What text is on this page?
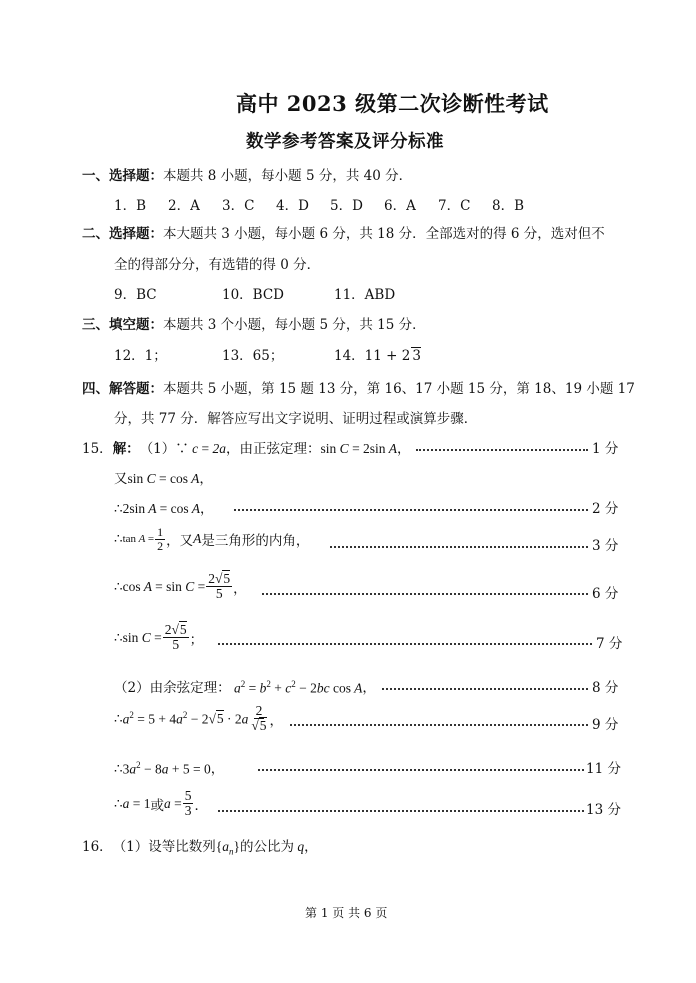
高中 2023 级第二次诊断性考试
数学参考答案及评分标准
一、 选择题： 本题共 8 小题，每小题 5 分，共 40 分．
1．B 2．A 3．C 4．D 5．D 6．A 7．C 8．B
二、 选择题： 本大题共 3 小题，每小题 6 分，共 18 分．全部选对的得 6 分，选对但不
全的得部分分，有选错的得 0 分．
9．BC	10．BCD	11．ABD
三、 填空题： 本题共 3 个小题，每小题 5 分，共 15 分．
12．1；	13．65；	14．11 + 2 3
四、 解答题： 本题共 5 小题，第 15 题 13 分，第 16、17 小题 15 分，第 18、19 小题 17
分，共 77 分．解答应写出文字说明、证明过程或演算步骤．
15． 解： （1）∵ c = 2a ，由正弦定理： sin C = 2sin A ，	1 分
又 sin C = cos A ，
∴ 2sin A = cos A ，	2 分
∴ $\tan A = \frac{1}{2}$ ，又 A 是三角形的内角，	3 分
∴ $\cos A = \sin C = \frac{2√5}{5}$ ，	6 分
∴ $\sin C = \frac{2√5}{5}$ ；	7 分
（2）由余弦定理： $a^2 = b^2 + c^2 - 2bc$ cos A ，	8 分
∴ $a^2 = 5 + 4a^2 - 2√5 \cdot 2a \frac{2}{√5}$ ，	9 分
∴ $3a^2 - 8a + 5 = 0$ ，	11 分
∴ a = 1 或 $a = \frac{5}{3}$ ．	13 分
16． （1）设等比数列 $\{a_n\}$ 的公比为 q ，
第 1 页 共 6 页
